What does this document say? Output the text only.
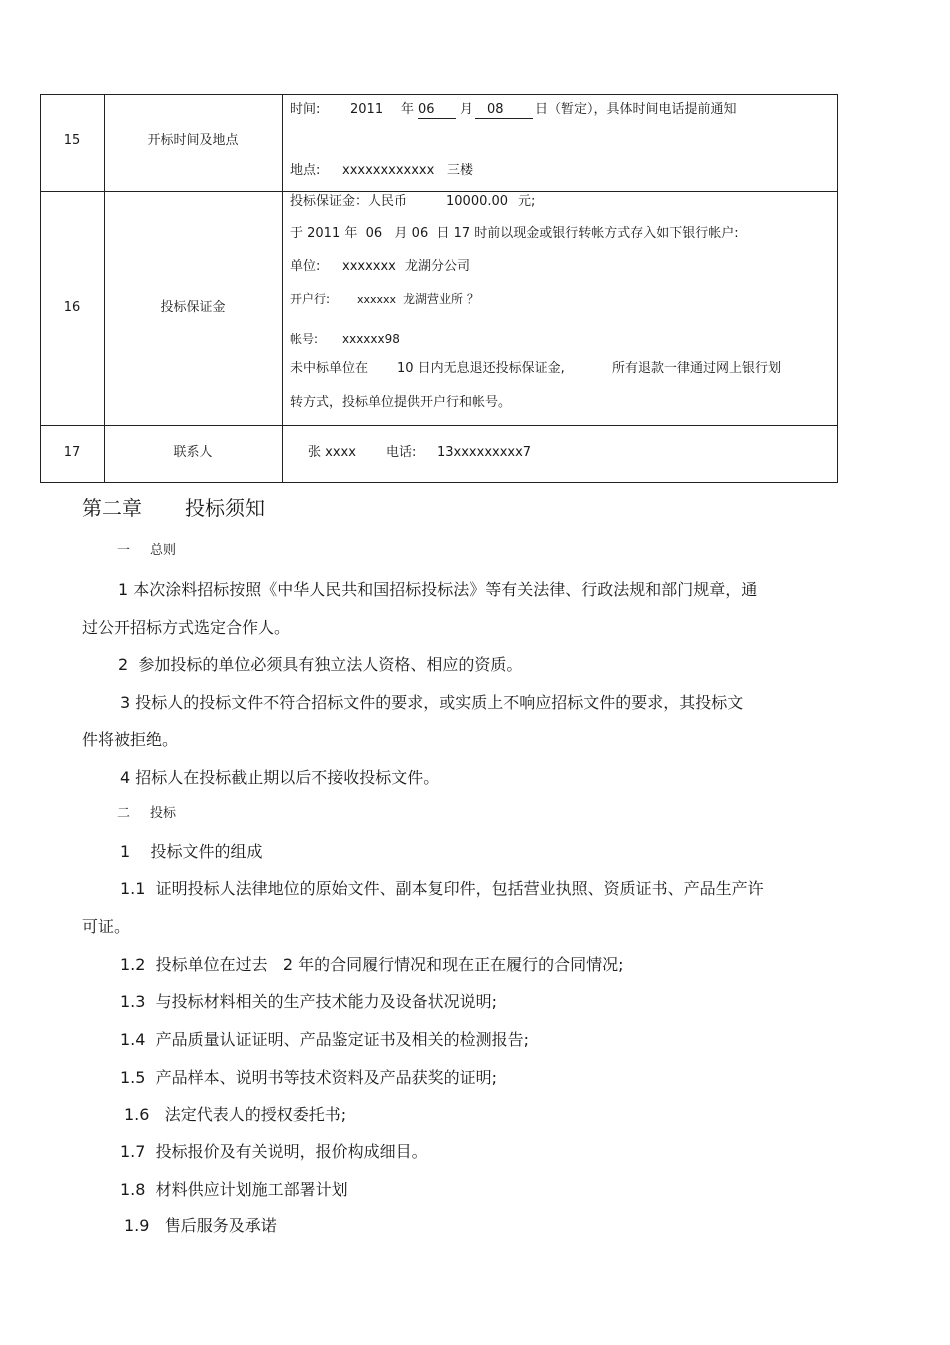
15	开标时间及地点
时间: 2011 年 06	月	08	日（暂定），具体时间电话提前通知
地点: xxxxxxxxxxxx 三楼
16	投标保证金
投标保证金：人民币	10000.00 元;
于 2011 年  06   月 06  日 17 时前以现金或银行转帐方式存入如下银行帐户:
单位: xxxxxxx 龙湖分公司
开户行: xxxxxx 龙湖营业所 ？
帐号: xxxxxx98
未中标单位在 10 日内无息退还投标保证金,	所有退款一律通过网上银行划
转方式，投标单位提供开户行和帐号。
17	联系人	张 xxxx 电话: 13xxxxxxxxx7
第二章 投标须知
一 总则
1 本次涂料招标按照《中华人民共和国招标投标法》等有关法律、行政法规和部门规章，通
过公开招标方式选定合作人。
2  参加投标的单位必须具有独立法人资格、相应的资质。
3 投标人的投标文件不符合招标文件的要求，或实质上不响应招标文件的要求，其投标文
件将被拒绝。
4 招标人在投标截止期以后不接收投标文件。
二 投标
1    投标文件的组成
1.1  证明投标人法律地位的原始文件、副本复印件，包括营业执照、资质证书、产品生产许
可证。
1.2  投标单位在过去   2 年的合同履行情况和现在正在履行的合同情况;
1.3  与投标材料相关的生产技术能力及设备状况说明;
1.4  产品质量认证证明、产品鉴定证书及相关的检测报告;
1.5  产品样本、说明书等技术资料及产品获奖的证明;
1.6   法定代表人的授权委托书;
1.7  投标报价及有关说明，报价构成细目。
1.8  材料供应计划施工部署计划
1.9   售后服务及承诺
